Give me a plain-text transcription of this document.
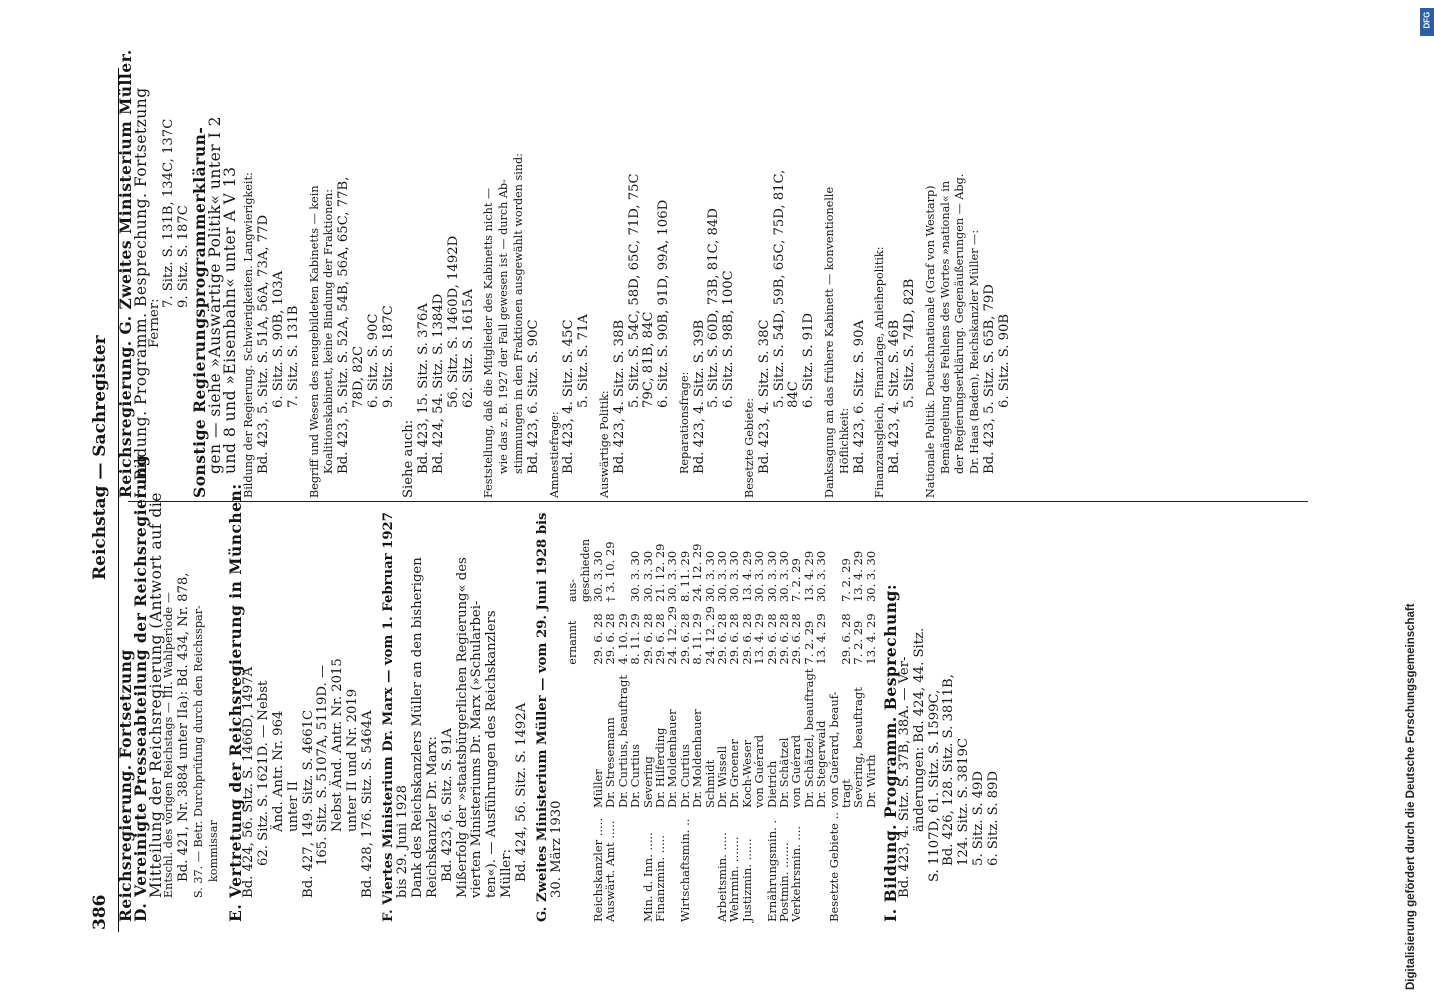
386
Reichstag — Sachregister
Reichsregierung. Fortsetzung
D. Vereinigte Presseabteilung der Reichsregierung
Mitteilung der Reichsregierung (Antwort auf die
Entschl. des vorigen Reichstags — III. Wahlperiode — Bd. 421, Nr. 3884 unter IIa): Bd. 434, Nr. 878, S. 37. — Betr. Durchprüfung durch den Reichsspar- kommissar E. Vertretung der Reichsregierung in München:
Bd. 424, 56. Sitz. S. 1466D, 1497A 62. Sitz. S. 1621D. — Nebst Änd. Antr. Nr. 964 unter II Bd. 427, 149. Sitz. S. 4661C 165. Sitz. S. 5107A, 5119D. — Nebst Änd. Antr. Nr. 2015 unter II und Nr. 2019 Bd. 428, 176. Sitz. S. 5464A F. Viertes Ministerium Dr. Marx — vom 1. Februar 1927 bis 29. Juni 1928 Dank des Reichskanzlers Müller an den bisherigen Reichskanzler Dr. Marx: Bd. 423, 6. Sitz. S. 91A Mißerfolg der »staatsbürgerlichen Regierung« des vierten Ministeriums Dr. Marx (»Schularbei- ten«). — Ausführungen des Reichskanzlers Müller: Bd. 424, 56. Sitz. S. 1492A G. Zweites Ministerium Müller — vom 29. Juni 1928 bis 30. März 1930
		ernannt	aus-
geschieden
Reichskanzler .....	Müller	29. 6. 28	30. 3. 30
Auswärt. Amt .....	Dr. Stresemann	29. 6. 28	† 3. 10. 29
	Dr. Curtius, beauftragt	4. 10. 29	
	Dr. Curtius	8. 11. 29	30. 3. 30
Min. d. Inn. .....	Severing	29. 6. 28	30. 3. 30
Finanzmin. .....	Dr. Hilferding	29. 6. 28	21. 12. 29
	Dr. Moldenhauer	24. 12. 29	30. 3. 30
Wirtschaftsmin. ..	Dr. Curtius	29. 6. 28	8. 11. 29
	Dr. Moldenhauer	8. 11. 29	24. 12. 29
	Schmidt	24. 12. 29	30. 3. 30
Arbeitsmin. .....	Dr. Wissell	29. 6. 28	30. 3. 30
Wehrmin. .......	Dr. Groener	29. 6. 28	30. 3. 30
Justizmin. ......	Koch-Weser	29. 6. 28	13. 4. 29
	von Guérard	13. 4. 29	30. 3. 30
Ernährungsmin. .	Dietrich	29. 6. 28	30. 3. 30
Postmin. .......	Dr. Schätzel	29. 6. 28	30. 3. 30
Verkehrsmin. ....	von Guérard	29. 6. 28	7. 2. 29
	Dr. Schätzel, beauftragt	7. 2. 29	13. 4. 29
	Dr. Stegerwald	13. 4. 29	30. 3. 30
Besetzte Gebiete ..	von Guérard, beauf-		
	tragt	29. 6. 28	7. 2. 29
	Severing, beauftragt	7. 2. 29	13. 4. 29
	Dr. Wirth	13. 4. 29	30. 3. 30
I. Bildung. Programm. Besprechung:
Bd. 423, 4. Sitz. S. 37B, 38A. — Ver- änderungen: Bd. 424, 44. Sitz. S. 1107D, 61. Sitz. S. 1599C, Bd. 426, 128. Sitz. S. 3811B, 124. Sitz. S. 3819C 5. Sitz. S. 49D 6. Sitz. S. 89D
Reichsregierung. G. Zweites Ministerium Müller.
I. Bildung. Programm. Besprechung. Fortsetzung
Ferner:
7. Sitz. S. 131B, 134C, 137C 9. Sitz. S. 187C
Sonstige Regierungsprogrammerklärun-
gen — siehe »Auswärtige Politik« unter I 2
und 8 und »Eisenbahn« unter A V 13 Bildung der Regierung. Schwierigkeiten. Langwierigkeit: Bd. 423, 5. Sitz. S. 51A, 56A, 73A, 77D 6. Sitz. S. 90B, 103A 7. Sitz. S. 131B Begriff und Wesen des neugebildeten Kabinetts — kein Koalitionskabinett, keine Bindung der Fraktionen: Bd. 423, 5. Sitz. S. 52A, 54B, 56A, 65C, 77B, 78D, 82C 6. Sitz. S. 90C 9. Sitz. S. 187C
Siehe auch: Bd. 423, 15. Sitz. S. 376A Bd. 424, 54. Sitz. S. 1384D 56. Sitz. S. 1460D, 1492D 62. Sitz. S. 1615A Feststellung, daß die Mitglieder des Kabinetts nicht — wie das z. B. 1927 der Fall gewesen ist — durch Ab- stimmungen in den Fraktionen ausgewählt worden sind: Bd. 423, 6. Sitz. S. 90C Amnestiefrage: Bd. 423, 4. Sitz. S. 45C 5. Sitz. S. 71A
Auswärtige Politik: Bd. 423, 4. Sitz. S. 38B 5. Sitz. S. 54C, 58D, 65C, 71D, 75C 79C, 81B, 84C 6. Sitz. S. 90B, 91D, 99A, 106D
Reparationsfrage: Bd. 423, 4. Sitz. S. 39B 5. Sitz. S. 60D, 73B, 81C, 84D 6. Sitz. S. 98B, 100C
Besetzte Gebiete: Bd. 423, 4. Sitz. S. 38C 5. Sitz. S. 54D, 59B, 65C, 75D, 81C, 84C 6. Sitz. S. 91D Danksagung an das frühere Kabinett — konventionelle Höflichkeit: Bd. 423, 6. Sitz. S. 90A Finanzausgleich, Finanzlage, Anleihepolitik: Bd. 423, 4. Sitz. S. 46B 5. Sitz. S. 74D, 82B Nationale Politik. Deutschnationale (Graf von Westarp) Bemängelung des Fehlens des Wortes »national« in der Regierungserklärung. Gegenäußerungen — Abg. Dr. Haas (Baden), Reichskanzler Müller —: Bd. 423, 5. Sitz. S. 65B, 79D 6. Sitz. S. 90B
Digitalisierung gefördert durch die Deutsche Forschungsgemeinschaft
DFG
